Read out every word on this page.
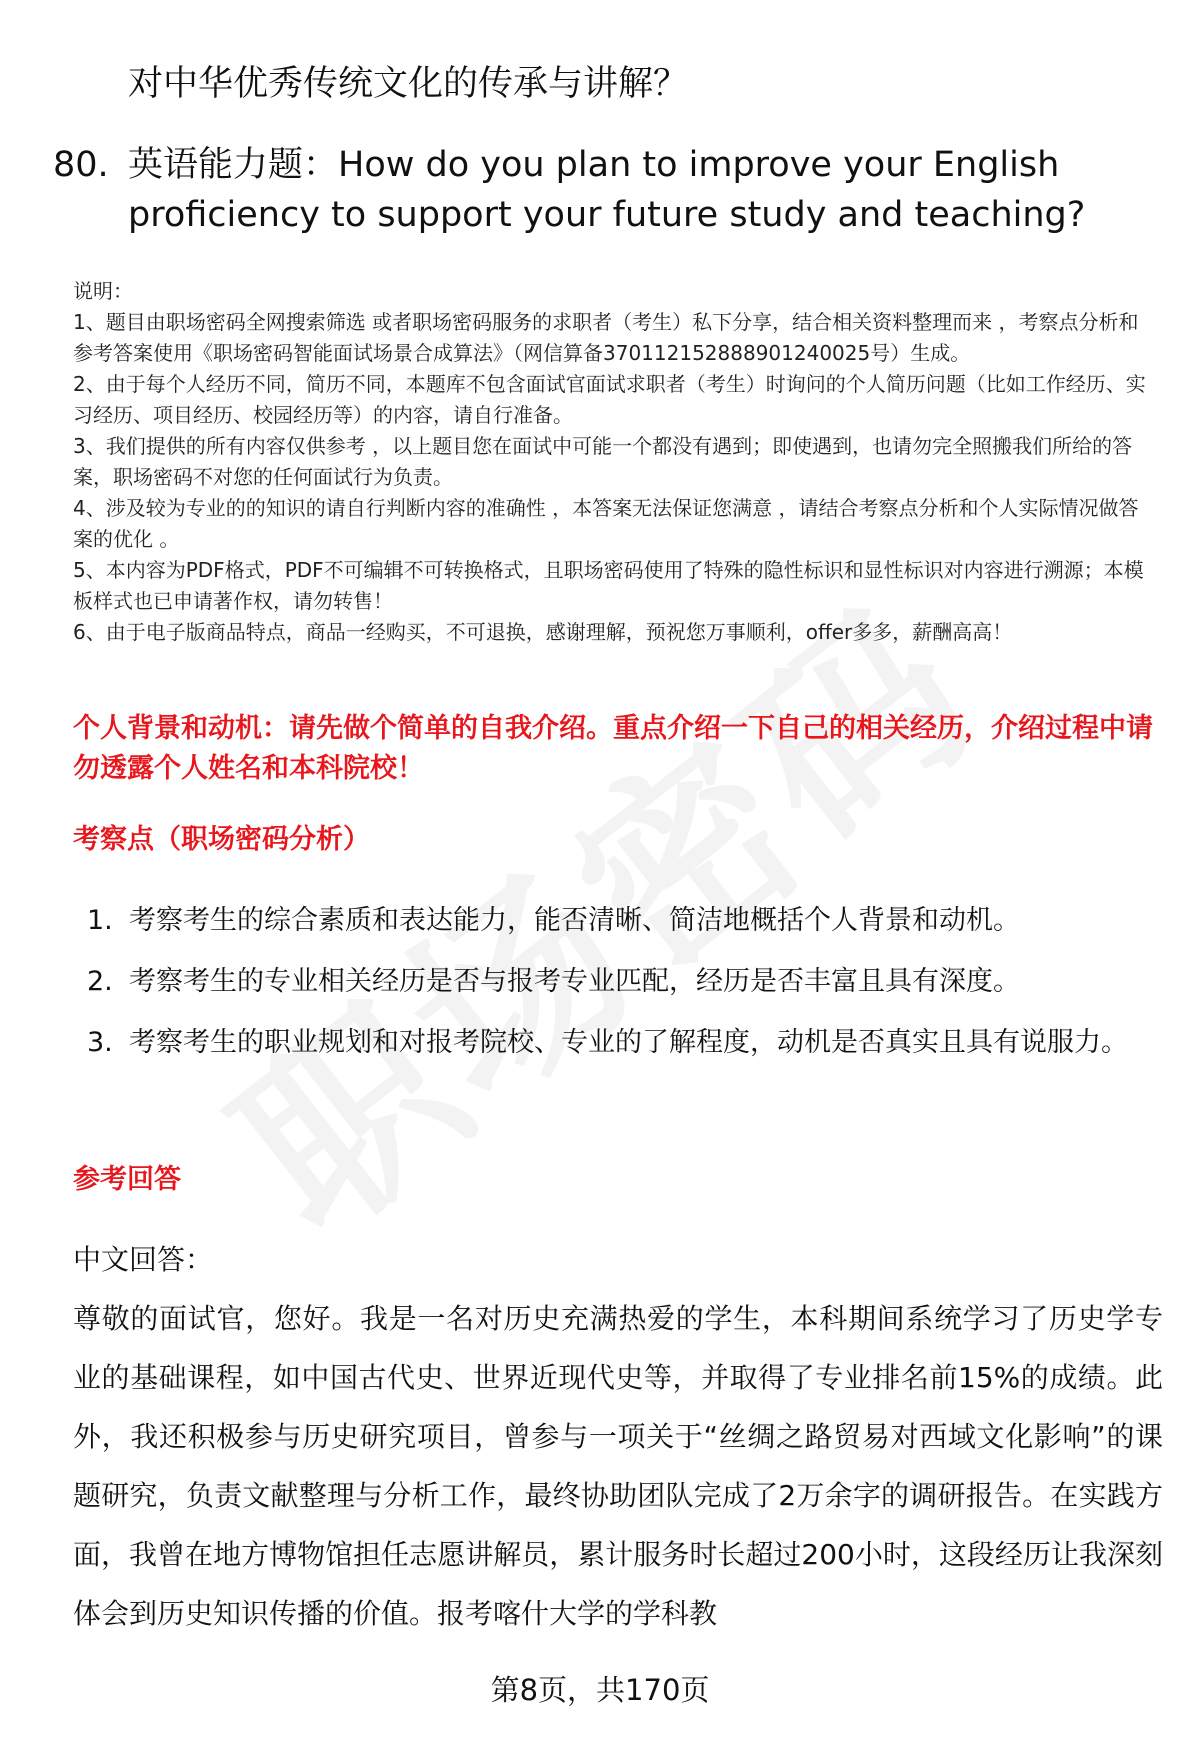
对中华优秀传统文化的传承与讲解？
80. 英语能力题：How do you plan to improve your English proficiency to support your future study and teaching?

说明：

1、题目由职场密码全网搜索筛选 或者职场密码服务的求职者（考生）私下分享，结合相关资料整理而来 ，考察点分析和参考答案使用《职场密码智能面试场景合成算法》（网信算备370112152888901240025号）生成。

2、由于每个人经历不同，简历不同，本题库不包含面试官面试求职者（考生）时询问的个人简历问题（比如工作经历、实习经历、项目经历、校园经历等）的内容，请自行准备。

3、我们提供的所有内容仅供参考 ，以上题目您在面试中可能一个都没有遇到；即使遇到，也请勿完全照搬我们所给的答案，职场密码不对您的任何面试行为负责。

4、涉及较为专业的的知识的请自行判断内容的准确性 ，本答案无法保证您满意 ，请结合考察点分析和个人实际情况做答案的优化 。

5、本内容为PDF格式，PDF不可编辑不可转换格式，且职场密码使用了特殊的隐性标识和显性标识对内容进行溯源；本模板样式也已申请著作权，请勿转售！

6、由于电子版商品特点，商品一经购买，不可退换，感谢理解，预祝您万事顺利，offer多多，薪酬高高！

个人背景和动机：请先做个简单的自我介绍。重点介绍一下自己的相关经历，介绍过程中请勿透露个人姓名和本科院校！
考察点（职场密码分析）
1. 考察考生的综合素质和表达能力，能否清晰、简洁地概括个人背景和动机。
2. 考察考生的专业相关经历是否与报考专业匹配，经历是否丰富且具有深度。
3. 考察考生的职业规划和对报考院校、专业的了解程度，动机是否真实且具有说服力。
参考回答

中文回答：

尊敬的面试官，您好。我是一名对历史充满热爱的学生，本科期间系统学习了历史学专业的基础课程，如中国古代史、世界近现代史等，并取得了专业排名前15%的成绩。此外，我还积极参与历史研究项目，曾参与一项关于“丝绸之路贸易对西域文化影响”的课题研究，负责文献整理与分析工作，最终协助团队完成了2万余字的调研报告。在实践方面，我曾在地方博物馆担任志愿讲解员，累计服务时长超过200小时，这段经历让我深刻体会到历史知识传播的价值。报考喀什大学的学科教

第8页，共170页
